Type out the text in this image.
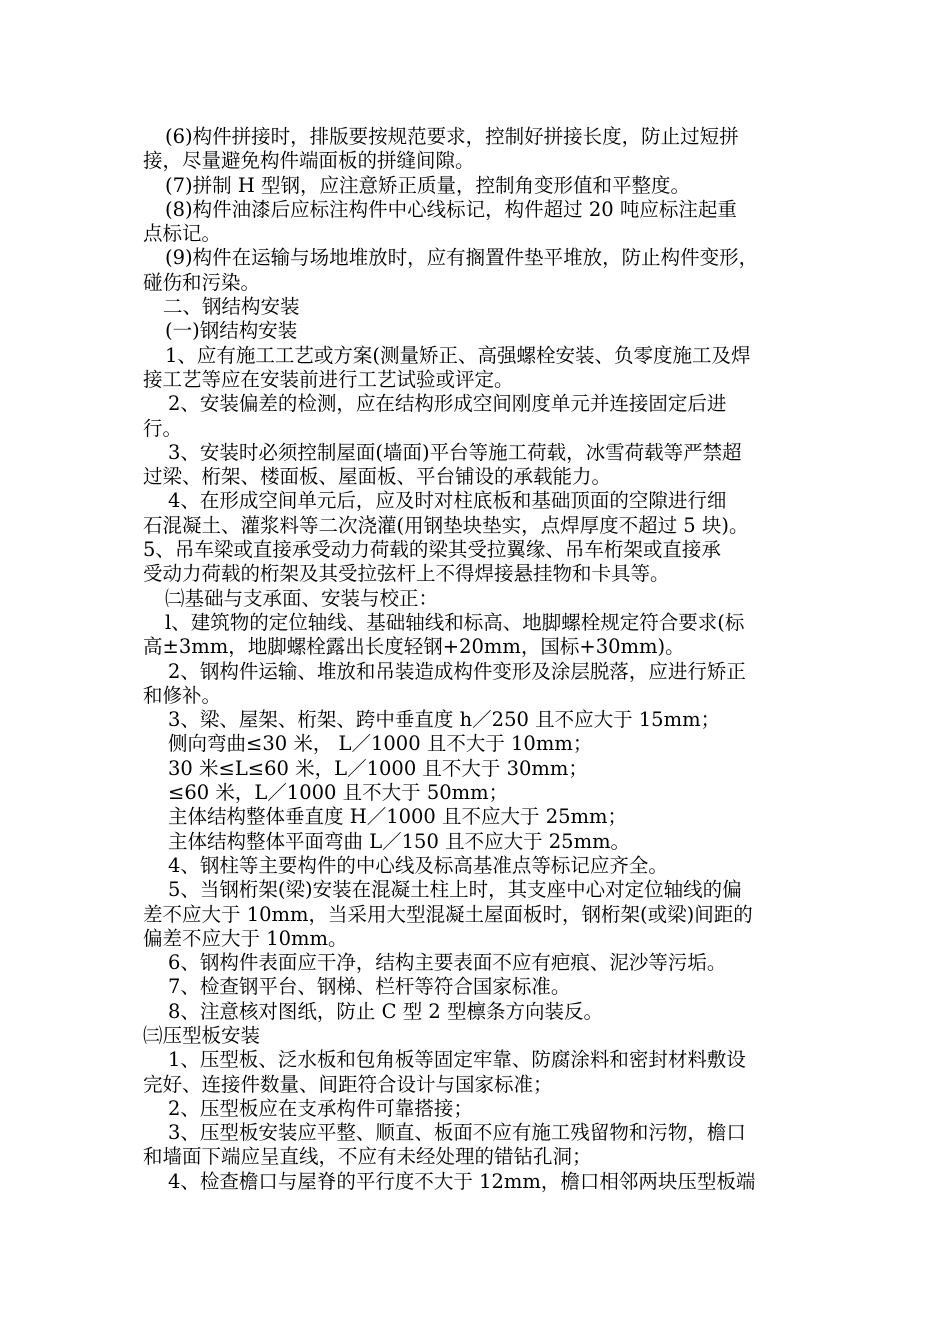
(6)构件拼接时，排版要按规范要求，控制好拼接长度，防止过短拼
接，尽量避免构件端面板的拼缝间隙。
(7)拼制 H 型钢，应注意矫正质量，控制角变形值和平整度。
(8)构件油漆后应标注构件中心线标记，构件超过 20 吨应标注起重
点标记。
(9)构件在运输与场地堆放时，应有搁置件垫平堆放，防止构件变形，
碰伤和污染。
二、钢结构安装
(一)钢结构安装
1、应有施工工艺或方案(测量矫正、高强螺栓安装、负零度施工及焊
接工艺等应在安装前进行工艺试验或评定。
2、安装偏差的检测，应在结构形成空间刚度单元并连接固定后进
行。
3、安装时必须控制屋面(墙面)平台等施工荷载，冰雪荷载等严禁超
过梁、桁架、楼面板、屋面板、平台铺设的承载能力。
4、在形成空间单元后，应及时对柱底板和基础顶面的空隙进行细
石混凝土、灌浆料等二次浇灌(用钢垫块垫实，点焊厚度不超过 5 块)。
5、吊车梁或直接承受动力荷载的梁其受拉翼缘、吊车桁架或直接承
受动力荷载的桁架及其受拉弦杆上不得焊接悬挂物和卡具等。
㈡基础与支承面、安装与校正：
l、建筑物的定位轴线、基础轴线和标高、地脚螺栓规定符合要求(标
高±3mm，地脚螺栓露出长度轻钢+20mm，国标+30mm)。
2、钢构件运输、堆放和吊装造成构件变形及涂层脱落，应进行矫正
和修补。
3、梁、屋架、桁架、跨中垂直度 h／250 且不应大于 15mm；
侧向弯曲≤30 米， L／1000 且不大于 10mm；
30 米≤L≤60 米，L／1000 且不大于 30mm；
≤60 米，L／1000 且不大于 50mm；
主体结构整体垂直度 H／1000 且不应大于 25mm；
主体结构整体平面弯曲 L／150 且不应大于 25mm。
4、钢柱等主要构件的中心线及标高基准点等标记应齐全。
5、当钢桁架(梁)安装在混凝土柱上时，其支座中心对定位轴线的偏
差不应大于 10mm，当采用大型混凝土屋面板时，钢桁架(或梁)间距的
偏差不应大于 10mm。
6、钢构件表面应干净，结构主要表面不应有疤痕、泥沙等污垢。
7、检查钢平台、钢梯、栏杆等符合国家标准。
8、注意核对图纸，防止 C 型 2 型檩条方向装反。
㈢压型板安装
1、压型板、泛水板和包角板等固定牢靠、防腐涂料和密封材料敷设
完好、连接件数量、间距符合设计与国家标准；
2、压型板应在支承构件可靠搭接；
3、压型板安装应平整、顺直、板面不应有施工残留物和污物，檐口
和墙面下端应呈直线，不应有未经处理的错钻孔洞；
4、检查檐口与屋脊的平行度不大于 12mm，檐口相邻两块压型板端
